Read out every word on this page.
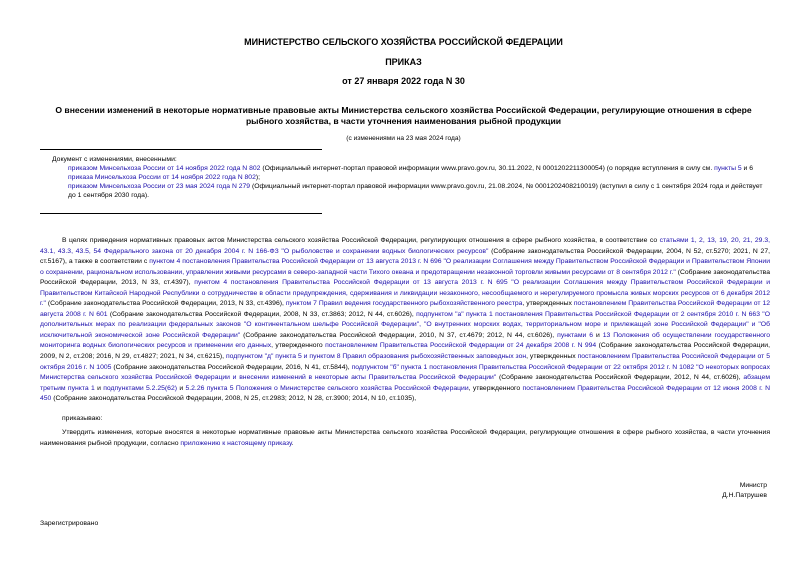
МИНИСТЕРСТВО СЕЛЬСКОГО ХОЗЯЙСТВА РОССИЙСКОЙ ФЕДЕРАЦИИ
ПРИКАЗ
от 27 января 2022 года N 30
О внесении изменений в некоторые нормативные правовые акты Министерства сельского хозяйства Российской Федерации, регулирующие отношения в сфере рыбного хозяйства, в части уточнения наименования рыбной продукции
(с изменениями на 23 мая 2024 года)
Документ с изменениями, внесенными:
приказом Минсельхоза России от 14 ноября 2022 года N 802 (Официальный интернет-портал правовой информации www.pravo.gov.ru, 30.11.2022, N 0001202211300054) (о порядке вступления в силу см. пункты 5 и 6 приказа Минсельхоза России от 14 ноября 2022 года N 802);
приказом Минсельхоза России от 23 мая 2024 года N 279 (Официальный интернет-портал правовой информации www.pravo.gov.ru, 21.08.2024, № 0001202408210019) (вступил в силу с 1 сентября 2024 года и действует до 1 сентября 2030 года).
В целях приведения нормативных правовых актов Министерства сельского хозяйства Российской Федерации, регулирующих отношения в сфере рыбного хозяйства, в соответствие со статьями 1, 2, 13, 19, 20, 21, 29.3, 43.1, 43.3, 43.5, 54 Федерального закона от 20 декабря 2004 г. N 166-ФЗ "О рыболовстве и сохранении водных биологических ресурсов" (Собрание законодательства Российской Федерации, 2004, N 52, ст.5270; 2021, N 27, ст.5167), а также в соответствии с пунктом 4 постановления Правительства Российской Федерации от 13 августа 2013 г. N 696 "О реализации Соглашения между Правительством Российской Федерации и Правительством Японии о сохранении, рациональном использовании, управлении живыми ресурсами в северо-западной части Тихого океана и предотвращении незаконной торговли живыми ресурсами от 8 сентября 2012 г." (Собрание законодательства Российской Федерации, 2013, N 33, ст.4397), пунктом 4 постановления Правительства Российской Федерации от 13 августа 2013 г. N 695 "О реализации Соглашения между Правительством Российской Федерации и Правительством Китайской Народной Республики о сотрудничестве в области предупреждения, сдерживания и ликвидации незаконного, несообщаемого и нерегулируемого промысла живых морских ресурсов от 6 декабря 2012 г." (Собрание законодательства Российской Федерации, 2013, N 33, ст.4396), пунктом 7 Правил ведения государственного рыбохозяйственного реестра, утвержденных постановлением Правительства Российской Федерации от 12 августа 2008 г. N 601 (Собрание законодательства Российской Федерации, 2008, N 33, ст.3863; 2012, N 44, ст.6026), подпунктом "а" пункта 1 постановления Правительства Российской Федерации от 2 сентября 2010 г. N 663 "О дополнительных мерах по реализации федеральных законов "О континентальном шельфе Российской Федерации", "О внутренних морских водах, территориальном море и прилежащей зоне Российской Федерации" и "Об исключительной экономической зоне Российской Федерации" (Собрание законодательства Российской Федерации, 2010, N 37, ст.4679; 2012, N 44, ст.6026), пунктами 6 и 13 Положения об осуществлении государственного мониторинга водных биологических ресурсов и применении его данных, утвержденного постановлением Правительства Российской Федерации от 24 декабря 2008 г. N 994 (Собрание законодательства Российской Федерации, 2009, N 2, ст.208; 2016, N 29, ст.4827; 2021, N 34, ст.6215), подпунктом "д" пункта 5 и пунктом 8 Правил образования рыбохозяйственных заповедных зон, утвержденных постановлением Правительства Российской Федерации от 5 октября 2016 г. N 1005 (Собрание законодательства Российской Федерации, 2016, N 41, ст.5844), подпунктом "б" пункта 1 постановления Правительства Российской Федерации от 22 октября 2012 г. N 1082 "О некоторых вопросах Министерства сельского хозяйства Российской Федерации и внесении изменений в некоторые акты Правительства Российской Федерации" (Собрание законодательства Российской Федерации, 2012, N 44, ст.6026), абзацем третьим пункта 1 и подпунктами 5.2.25(62) и 5.2.26 пункта 5 Положения о Министерстве сельского хозяйства Российской Федерации, утвержденного постановлением Правительства Российской Федерации от 12 июня 2008 г. N 450 (Собрание законодательства Российской Федерации, 2008, N 25, ст.2983; 2012, N 28, ст.3900; 2014, N 10, ст.1035),
приказываю:
Утвердить изменения, которые вносятся в некоторые нормативные правовые акты Министерства сельского хозяйства Российской Федерации, регулирующие отношения в сфере рыбного хозяйства, в части уточнения наименования рыбной продукции, согласно приложению к настоящему приказу.
Министр
Д.Н.Патрушев
Зарегистрировано
